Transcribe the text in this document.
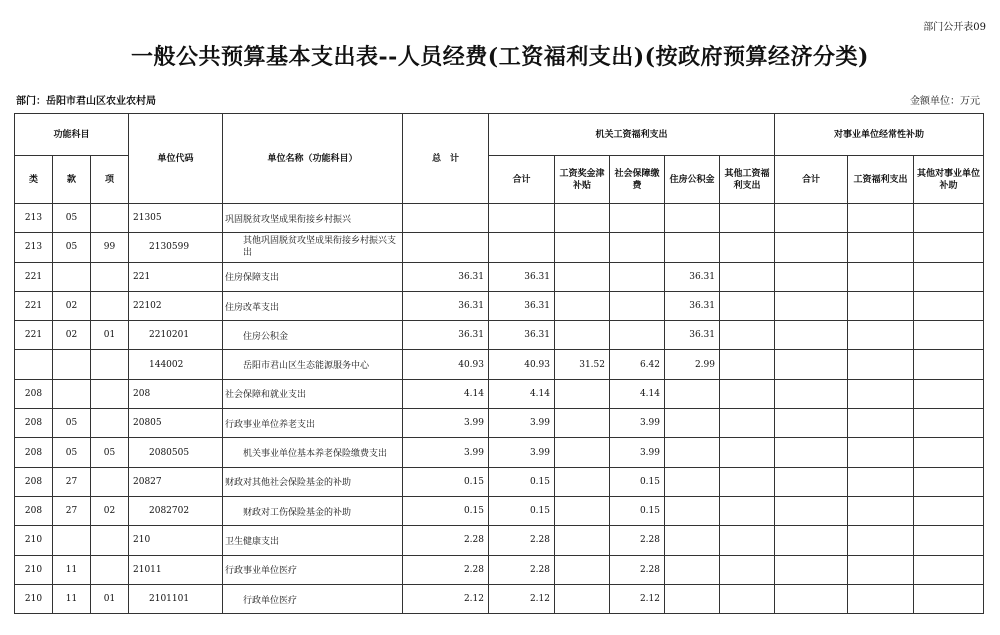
部门公开表09
一般公共预算基本支出表--人员经费(工资福利支出)(按政府预算经济分类)
部门：岳阳市君山区农业农村局	金额单位：万元
功能科目			单位代码	单位名称（功能科目）	总　计	机关工资福利支出					对事业单位经常性补助		
类	款	项				合计	工资奖金津补贴	社会保障缴费	住房公积金	其他工资福利支出	合计	工资福利支出	其他对事业单位补助
213	05		21305	巩固脱贫攻坚成果衔接乡村振兴									
213	05	99	2130599	其他巩固脱贫攻坚成果衔接乡村振兴支出									
221			221	住房保障支出	36.31	36.31			36.31				
221	02		22102	住房改革支出	36.31	36.31			36.31				
221	02	01	2210201	住房公积金	36.31	36.31			36.31				
			144002	岳阳市君山区生态能源服务中心	40.93	40.93	31.52	6.42	2.99				
208			208	社会保障和就业支出	4.14	4.14		4.14					
208	05		20805	行政事业单位养老支出	3.99	3.99		3.99					
208	05	05	2080505	机关事业单位基本养老保险缴费支出	3.99	3.99		3.99					
208	27		20827	财政对其他社会保险基金的补助	0.15	0.15		0.15					
208	27	02	2082702	财政对工伤保险基金的补助	0.15	0.15		0.15					
210			210	卫生健康支出	2.28	2.28		2.28					
210	11		21011	行政事业单位医疗	2.28	2.28		2.28					
210	11	01	2101101	行政单位医疗	2.12	2.12		2.12					
